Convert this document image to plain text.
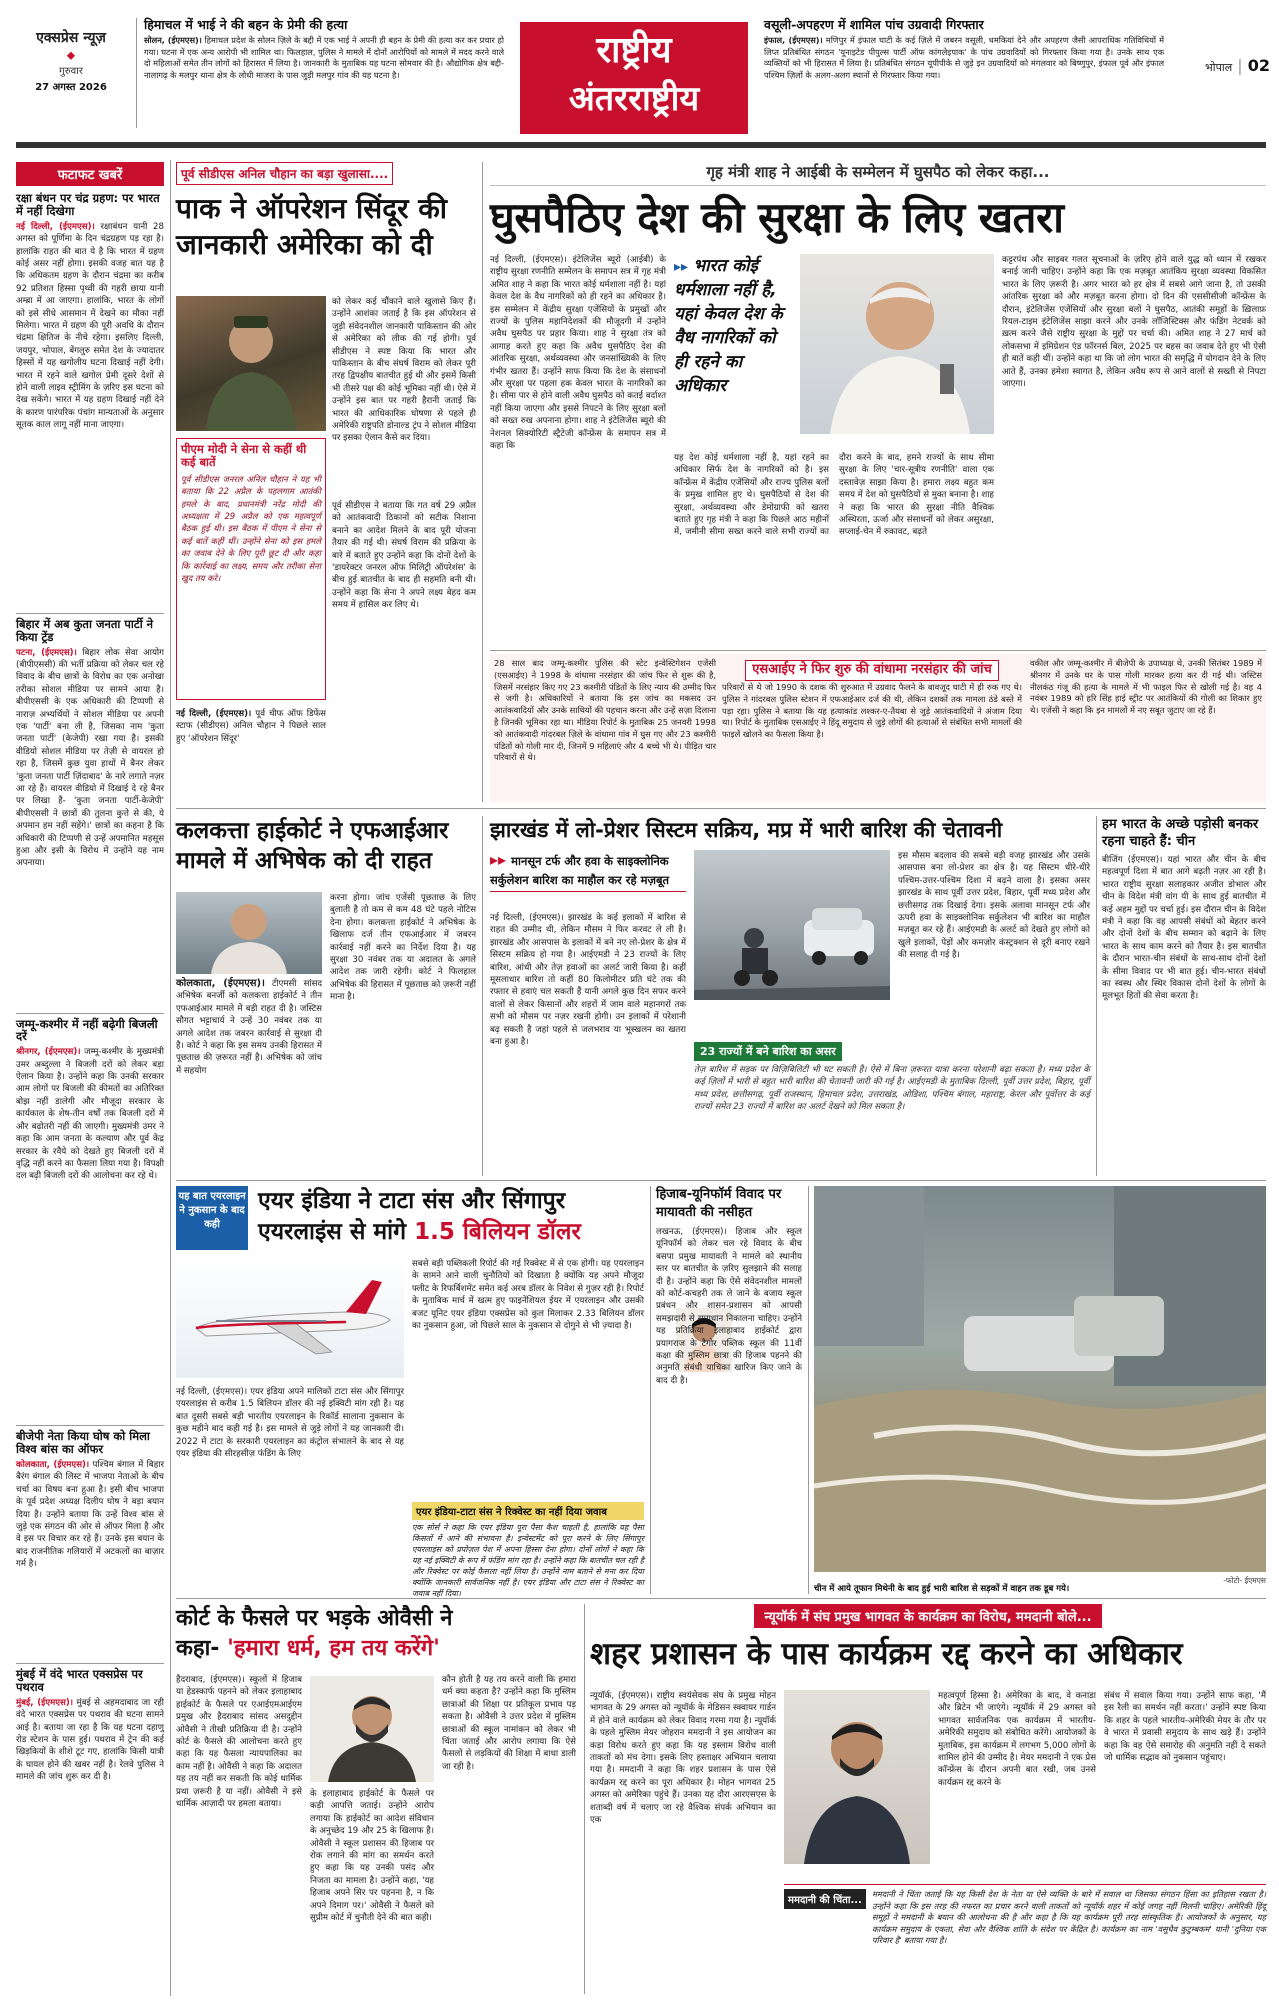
एक्सप्रेस न्यूज़
⬥
गुरुवार
27 अगस्त 2026
हिमाचल में भाई ने की बहन के प्रेमी की हत्या
सोलन, (ईएमएस)। हिमाचल प्रदेश के सोलन ज़िले के बद्दी में एक भाई ने अपनी ही बहन के प्रेमी की हत्या कर कर प्रचार हो गया। घटना में एक अन्य आरोपी भी शामिल था। फिलहाल, पुलिस ने मामले में दोनों आरोपियों को मामले में मदद करने वाले दो महिलाओं समेत तीन लोगों को हिरासत में लिया है। जानकारी के मुताबिक यह घटना सोमवार की है। औद्योगिक क्षेत्र बद्दी-नालागढ़ के मलपुर थाना क्षेत्र के लोधी माजरा के पास जुड़ी मलपुर गांव की यह घटना है।
राष्ट्रीय
अंतरराष्ट्रीय
वसूली-अपहरण में शामिल पांच उग्रवादी गिरफ्तार
इंफाल, (ईएमएस)। मणिपुर में इंफाल घाटी के कई ज़िले में जबरन वसूली, धमकियां देने और अपहरण जैसी आपराधिक गतिविधियों में लिप्त प्रतिबंधित संगठन 'यूनाइटेड पीपुल्स पार्टी ऑफ कांगलेइपाक' के पांच उग्रवादियों को गिरफ्तार किया गया है। उनके साथ एक व्यक्तियों को भी हिरासत में लिया है। प्रतिबंधित संगठन यूपीपीके से जुड़े इन उग्रवादियों को मंगलवार को बिष्णुपुर, इंफाल पूर्व और इंफाल पश्चिम ज़िलों के अलग-अलग स्थानों से गिरफ्तार किया गया।
भोपाल | 02
फटाफट खबरें
रक्षा बंधन पर चंद्र ग्रहण: पर भारत में नहीं दिखेगा
नई दिल्ली, (ईएमएस)। रक्षाबंधन यानी 28 अगस्त को पूर्णिमा के दिन चंद्रग्रहण पड़ रहा है। हालांकि राहत की बात ये है कि भारत में ग्रहण कोई असर नहीं होगा। इसकी वजह बात यह है कि अधिकतम ग्रहण के दौरान चंद्रमा का करीब 92 प्रतिशत हिस्सा पृथ्वी की गहरी छाया यानी अम्ब्रा में आ जाएगा। हालांकि, भारत के लोगों को इसे सीधे आसमान में देखने का मौका नहीं मिलेगा। भारत में ग्रहण की पूरी अवधि के दौरान चंद्रमा क्षितिज के नीचे रहेगा। इसलिए दिल्ली, जयपुर, भोपाल, बेंगलुरु समेत देश के ज्यादातर हिस्सों में यह खगोलीय घटना दिखाई नहीं देगी। भारत में रहने वाले खगोल प्रेमी दूसरे देशों से होने वाली लाइव स्ट्रीमिंग के ज़रिए इस घटना को देख सकेंगे। भारत में यह ग्रहण दिखाई नहीं देने के कारण पारंपरिक पंचांग मान्यताओं के अनुसार सूतक काल लागू नहीं माना जाएगा।
बिहार में अब कुता जनता पार्टी ने किया ट्रेंड
पटना, (ईएमएस)। बिहार लोक सेवा आयोग (बीपीएससी) की भर्ती प्रक्रिया को लेकर चल रहे विवाद के बीच छात्रों के विरोध का एक अनोखा तरीका सोशल मीडिया पर सामने आया है। बीपीएससी के एक अधिकारी की टिप्पणी से नाराज़ अभ्यर्थियों ने सोशल मीडिया पर अपनी एक 'पार्टी' बना ली है, जिसका नाम 'कुता जनता पार्टी' (केजेपी) रखा गया है। इसकी वीडियो सोशल मीडिया पर तेज़ी से वायरल हो रहा है, जिसमें कुछ युवा हाथों में बैनर लेकर 'कुता जनता पार्टी ज़िंदाबाद' के नारे लगाते नज़र आ रहे हैं। वायरल वीडियो में दिखाई दे रहे बैनर पर लिखा है- 'कुता जनता पार्टी-केजेपी' बीपीएससी ने छात्रों की तुलना कुत्ते से की, ये अपमान हम नहीं सहेंगे।' छात्रों का कहना है कि अधिकारी की टिप्पणी से उन्हें अपमानित महसूस हुआ और इसी के विरोध में उन्होंने यह नाम अपनाया।
जम्मू-कश्मीर में नहीं बढ़ेगी बिजली दरें
श्रीनगर, (ईएमएस)। जम्मू-कश्मीर के मुख्यमंत्री उमर अब्दुल्ला ने बिजली दरों को लेकर बड़ा ऐलान किया है। उन्होंने कहा कि उनकी सरकार आम लोगों पर बिजली की कीमतों का अतिरिक्त बोझ नहीं डालेगी और मौजूदा सरकार के कार्यकाल के शेष-तीन वर्षों तक बिजली दरों में और बढ़ोतरी नहीं की जाएगी। मुख्यमंत्री उमर ने कहा कि आम जनता के कल्याण और पूर्व केंद्र सरकार के रवैये को देखते हुए बिजली दरों में वृद्धि नहीं करने का फैसला लिया गया है। विपक्षी दल बढ़ी बिजली दरों की आलोचना कर रहे थे।
बीजेपी नेता किया घोष को मिला विश्व बांस का ऑफर
कोलकाता, (ईएमएस)। पश्चिम बंगाल में बिहार बैरंग बंगाल की लिस्ट में भाजपा नेताओं के बीच चर्चा का विषय बना हुआ है। इसी बीच भाजपा के पूर्व प्रदेश अध्यक्ष दिलीप घोष ने बड़ा बयान दिया है। उन्होंने बताया कि उन्हें विश्व बांस से जुड़े एक संगठन की ओर से ऑफर मिला है और वे इस पर विचार कर रहे हैं। उनके इस बयान के बाद राजनीतिक गलियारों में अटकलों का बाज़ार गर्म है।
मुंबई में वंदे भारत एक्सप्रेस पर पथराव
मुंबई, (ईएमएस)। मुंबई से अहमदाबाद जा रही वंदे भारत एक्सप्रेस पर पथराव की घटना सामने आई है। बताया जा रहा है कि यह घटना दहाणु रोड स्टेशन के पास हुई। पथराव में ट्रेन की कई खिड़कियों के शीशे टूट गए, हालांकि किसी यात्री के घायल होने की खबर नहीं है। रेलवे पुलिस ने मामले की जांच शुरू कर दी है।
पूर्व सीडीएस अनिल चौहान का बड़ा खुलासा....
पाक ने ऑपरेशन सिंदूर की जानकारी अमेरिका को दी
पीएम मोदी ने सेना से कहीं थी कई बातें
पूर्व सीडीएस जनरल अनिल चौहान ने यह भी बताया कि 22 अप्रैल के पहलगाम आतंकी हमले के बाद, प्रधानमंत्री नरेंद्र मोदी की अध्यक्षता में 29 अप्रैल को एक महत्वपूर्ण बैठक हुई थी। इस बैठक में पीएम ने सेना से कई बातें कहीं थीं। उन्होंने सेना को इस हमले का जवाब देने के लिए पूरी छूट दी और कहा कि कार्रवाई का लक्ष्य, समय और तरीका सेना खुद तय करे।
नई दिल्ली, (ईएमएस)। पूर्व चीफ ऑफ डिफेंस स्टाफ (सीडीएस) अनिल चौहान ने पिछले साल हुए 'ऑपरेशन सिंदूर'
को लेकर कई चौंकाने वाले खुलासे किए हैं। उन्होंने आशंका जताई है कि इस ऑपरेशन से जुड़ी संवेदनशील जानकारी पाकिस्तान की ओर से अमेरिका को लीक की गई होगी। पूर्व सीडीएस ने स्पष्ट किया कि भारत और पाकिस्तान के बीच संघर्ष विराम को लेकर पूरी तरह द्विपक्षीय बातचीत हुई थी और इसमें किसी भी तीसरे पक्ष की कोई भूमिका नहीं थी। ऐसे में उन्होंने इस बात पर गहरी हैरानी जताई कि भारत की आधिकारिक घोषणा से पहले ही अमेरिकी राष्ट्रपति डोनाल्ड ट्रंप ने सोशल मीडिया पर इसका ऐलान कैसे कर दिया।
पूर्व सीडीएस ने बताया कि गत वर्ष 29 अप्रैल को आतंकवादी ठिकानों को सटीक निशाना बनाने का आदेश मिलने के बाद पूरी योजना तैयार की गई थी। संघर्ष विराम की प्रक्रिया के बारे में बताते हुए उन्होंने कहा कि दोनों देशों के 'डायरेक्टर जनरल ऑफ मिलिट्री ऑपरेशंस' के बीच हुई बातचीत के बाद ही सहमति बनी थी। उन्होंने कहा कि सेना ने अपने लक्ष्य बेहद कम समय में हासिल कर लिए थे।
गृह मंत्री शाह ने आईबी के सम्मेलन में घुसपैठ को लेकर कहा...
घुसपैठिए देश की सुरक्षा के लिए खतरा
नई दिल्ली, (ईएमएस)। इंटेलिजेंस ब्यूरो (आईबी) के राष्ट्रीय सुरक्षा रणनीति सम्मेलन के समापन सत्र में गृह मंत्री अमित शाह ने कहा कि भारत कोई धर्मशाला नहीं है। यहां केवल देश के वैध नागरिकों को ही रहने का अधिकार है। इस सम्मेलन में केंद्रीय सुरक्षा एजेंसियों के प्रमुखों और राज्यों के पुलिस महानिदेशकों की मौजूदगी में उन्होंने अवैध घुसपैठ पर प्रहार किया। शाह ने सुरक्षा तंत्र को आगाह करते हुए कहा कि अवैध घुसपैठिए देश की आंतरिक सुरक्षा, अर्थव्यवस्था और जनसांख्यिकी के लिए गंभीर खतरा हैं। उन्होंने साफ किया कि देश के संसाधनों और सुरक्षा पर पहला हक केवल भारत के नागरिकों का है। सीमा पार से होने वाली अवैध घुसपैठ को कतई बर्दाश्त नहीं किया जाएगा और इससे निपटने के लिए सुरक्षा बलों को सख्त रुख अपनाना होगा। शाह ने इंटेलिजेंस ब्यूरो की नेशनल सिक्योरिटी स्ट्रैटेजी कॉन्फ्रेंस के समापन सत्र में कहा कि
▸▸ भारत कोई धर्मशाला नहीं है, यहां केवल देश के वैध नागरिकों को ही रहने का अधिकार
यह देश कोई धर्मशाला नहीं है, यहां रहने का अधिकार सिर्फ देश के नागरिकों को है। इस कॉन्फ्रेंस में केंद्रीय एजेंसियों और राज्य पुलिस बलों के प्रमुख शामिल हुए थे। घुसपैठियों से देश की सुरक्षा, अर्थव्यवस्था और डेमोग्राफी को खतरा बताते हुए गृह मंत्री ने कहा कि पिछले आठ महीनों में, जमीनी सीमा सख्त करने वाले सभी राज्यों का दौरा करने के बाद, हमने राज्यों के साथ सीमा सुरक्षा के लिए 'चार-सूत्रीय रणनीति' वाला एक दस्तावेज़ साझा किया है। हमारा लक्ष्य बहुत कम समय में देश को घुसपैठियों से मुक्त बनाना है। शाह ने कहा कि भारत की सुरक्षा नीति वैश्विक अस्थिरता, ऊर्जा और संसाधनों को लेकर असुरक्षा, सप्लाई-चेन में रुकावट, बढ़ते
कट्टरपंथ और साइबर गलत सूचनाओं के ज़रिए होने वाले युद्ध को ध्यान में रखकर बनाई जानी चाहिए। उन्होंने कहा कि एक मज़बूत आतंकिय सुरक्षा व्यवस्था विकसित भारत के लिए ज़रूरी है। अगर भारत को हर क्षेत्र में सबसे आगे जाना है, तो उसकी आंतरिक सुरक्षा को और मज़बूत करना होगा। दो दिन की एससीसीजी कॉन्फ्रेंस के दौरान, इंटेलिजेंस एजेंसियों और सुरक्षा बलों ने घुसपैठ, आतंकी समूहों के ख़िलाफ़ रियल-टाइम इंटेलिजेंस साझा करने और उनके लॉजिस्टिक्स और फंडिंग नेटवर्क को ख़त्म करने जैसे राष्ट्रीय सुरक्षा के मुद्दों पर चर्चा की। अमित शाह ने 27 मार्च को लोकसभा में इमिग्रेशन एंड फॉरनर्स बिल, 2025 पर बहस का जवाब देते हुए भी ऐसी ही बातें कही थीं। उन्होंने कहा था कि जो लोग भारत की समृद्धि में योगदान देने के लिए आते हैं, उनका हमेशा स्वागत है, लेकिन अवैध रूप से आने वालों से सख्ती से निपटा जाएगा।
28 साल बाद जम्मू-कश्मीर पुलिस की स्टेट इन्वेस्टिगेशन एजेंसी (एसआईए) ने 1998 के वांधामा नरसंहार की जांच फिर से शुरू की है, जिसमें नरसंहार किए गए 23 कश्मीरी पंडितों के लिए न्याय की उम्मीद फिर से जगी है। अधिकारियों ने बताया कि इस जांच का मकसद उन आतंकवादियों और उनके साथियों की पहचान करना और उन्हें सज़ा दिलाना है जिनकी भूमिका रहा था। मीडिया रिपोर्ट के मुताबिक 25 जनवरी 1998 को आतंकवादी गांदरबल ज़िले के वांधामा गांव में घुस गए और 23 कश्मीरी पंडितों को गोली मार दी, जिनमें 9 महिलाएं और 4 बच्चे भी थे। पीड़ित चार परिवारों से थे।
एसआईए ने फिर शुरु की वांधामा नरसंहार की जांच
परिवारों से थे जो 1990 के दशक की शुरुआत में उग्रवाद फैलने के बावजूद घाटी में ही रुक गए थे। पुलिस ने गांदरबल पुलिस स्टेशन में एफआईआर दर्ज की थी, लेकिन दशकों तक मामला ठंडे बस्ते में पड़ा रहा। पुलिस ने बताया कि यह हत्याकांड लश्कर-ए-तैयबा से जुड़े आतंकवादियों ने अंजाम दिया था। रिपोर्ट के मुताबिक एसआईए ने हिंदू समुदाय से जुड़े लोगों की हत्याओं से संबंधित सभी मामलों की फाइलें खोलने का फैसला किया है।
वकील और जम्मू-कश्मीर में बीजेपी के उपाध्यक्ष थे, उनकी सितंबर 1989 में श्रीनगर में उनके घर के पास गोली मारकर हत्या कर दी गई थी। जस्टिस नीलकंठ गंजू की हत्या के मामले में भी फाइल फिर से खोली गई है। वह 4 नवंबर 1989 को हरि सिंह हाई स्ट्रीट पर आतंकियों की गोली का शिकार हुए थे। एजेंसी ने कहा कि इन मामलों में नए सबूत जुटाए जा रहे हैं।
कलकत्ता हाईकोर्ट ने एफआईआर मामले में अभिषेक को दी राहत
कोलकाता, (ईएमएस)। टीएमसी सांसद अभिषेक बनर्जी को कलकत्ता हाईकोर्ट ने तीन एफआईआर मामले में बड़ी राहत दी है। जस्टिस सौगत भट्टाचार्य ने उन्हें 30 नवंबर तक या अगले आदेश तक जबरन कार्रवाई से सुरक्षा दी है। कोर्ट ने कहा कि इस समय उनकी हिरासत में पूछताछ की ज़रूरत नहीं है। अभिषेक को जांच में सहयोग
करना होगा। जांच एजेंसी पूछताछ के लिए बुलाती है तो कम से कम 48 घंटे पहले नोटिस देना होगा। कलकत्ता हाईकोर्ट ने अभिषेक के खिलाफ दर्ज तीन एफआईआर में जबरन कार्रवाई नहीं करने का निर्देश दिया है। यह सुरक्षा 30 नवंबर तक या अदालत के अगले आदेश तक जारी रहेगी। कोर्ट ने फिलहाल अभिषेक की हिरासत में पूछताछ को ज़रूरी नहीं माना है।
झारखंड में लो-प्रेशर सिस्टम सक्रिय, मप्र में भारी बारिश की चेतावनी
▸▸ मानसून टर्फ और हवा के साइक्लोनिक सर्कुलेशन बारिश का माहौल कर रहे मज़बूत
नई दिल्ली, (ईएमएस)। झारखंड के कई इलाकों में बारिश से राहत की उम्मीद थी, लेकिन मौसम ने फिर करवट ले ली है। झारखंड और आसपास के इलाकों में बने नए लो-प्रेशर के क्षेत्र में सिस्टम सक्रिय हो गया है। आईएमडी ने 23 राज्यों के लिए बारिश, आंधी और तेज़ हवाओं का अलर्ट जारी किया है। कहीं मूसलाधार बारिश तो कहीं 80 किलोमीटर प्रति घंटे तक की रफ्तार से हवाएं चल सकती हैं यानी अगले कुछ दिन सफर करने वालों से लेकर किसानों और शहरों में जाम वाले महानगरों तक सभी को मौसम पर नज़र रखनी होगी। उन इलाकों में परेशानी बढ़ सकती है जहां पहले से जलभराव या भूस्खलन का खतरा बना हुआ है।
इस मौसम बदलाव की सबसे बड़ी वजह झारखंड और उसके आसपास बना लो-प्रेशर का क्षेत्र है। यह सिस्टम धीरे-धीरे पश्चिम-उत्तर-पश्चिम दिशा में बढ़ने वाला है। इसका असर झारखंड के साथ पूर्वी उत्तर प्रदेश, बिहार, पूर्वी मध्य प्रदेश और छत्तीसगढ़ तक दिखाई देगा। इसके अलावा मानसून टर्फ और ऊपरी हवा के साइक्लोनिक सर्कुलेशन भी बारिश का माहौल मज़बूत कर रहे हैं। आईएमडी के अलर्ट को देखते हुए लोगों को खुले इलाकों, पेड़ों और कमज़ोर कंस्ट्रक्शन से दूरी बनाए रखने की सलाह दी गई है।
23 राज्यों में बने बारिश का असर
तेज़ बारिश में सड़क पर विज़िबिलिटी भी घट सकती है। ऐसे में बिना ज़रूरत यात्रा करना परेशानी बढ़ा सकता है। मध्य प्रदेश के कई ज़िलों में भारी से बहुत भारी बारिश की चेतावनी जारी की गई है। आईएमडी के मुताबिक दिल्ली, पूर्वी उत्तर प्रदेश, बिहार, पूर्वी मध्य प्रदेश, छत्तीसगढ़, पूर्वी राजस्थान, हिमाचल प्रदेश, उत्तराखंड, ओडिशा, पश्चिम बंगाल, महाराष्ट्र, केरल और पूर्वोत्तर के कई राज्यों समेत 23 राज्यों में बारिश का अलर्ट देखने को मिल सकता है।
हम भारत के अच्छे पड़ोसी बनकर रहना चाहते हैं: चीन
बीजिंग (ईएमएस)। यहां भारत और चीन के बीच महत्वपूर्ण दिशा में बात आगे बढ़ती नज़र आ रही है। भारत राष्ट्रीय सुरक्षा सलाहकार अजीत डोभाल और चीन के विदेश मंत्री वांग यी के साथ हुई बातचीत में कई अहम मुद्दों पर चर्चा हुई। इस दौरान चीन के विदेश मंत्री ने कहा कि वह आपसी संबंधों को बेहतर करने और दोनों देशों के बीच सम्मान को बढ़ाने के लिए भारत के साथ काम करने को तैयार है। इस बातचीत के दौरान भारत-चीन संबंधों के साथ-साथ दोनों देशों के सीमा विवाद पर भी बात हुई। चीन-भारत संबंधों का स्वस्थ और स्थिर विकास दोनों देशों के लोगों के मूलभूत हितों की सेवा करता है।
यह बात एयरलाइन ने नुकसान के बाद कही
एयर इंडिया ने टाटा संस और सिंगापुर
एयरलाइंस से मांगे 1.5 बिलियन डॉलर
नई दिल्ली, (ईएमएस)। एयर इंडिया अपने मालिकों टाटा संस और सिंगापुर एयरलाइंस से करीब 1.5 बिलियन डॉलर की नई इक्विटी मांग रही है। यह बात दूसरी सबसे बड़ी भारतीय एयरलाइन के रिकॉर्ड सालाना नुकसान के कुछ महीने बाद कही गई है। इस मामले से जुड़े लोगों ने यह जानकारी दी। 2022 में टाटा के सरकारी एयरलाइन का कंट्रोल संभालने के बाद से यह एयर इंडिया की सीरहसीज़ फंडिंग के लिए
सबसे बड़ी पब्लिकली रिपोर्ट की गई रिक्वेस्ट में से एक होगी। यह एयरलाइन के सामने आने वाली चुनौतियों को दिखाता है क्योंकि यह अपने मौजूदा फ्लीट के रिफर्बिशमेंट समेत कई अरब डॉलर के निवेश से गुज़र रही है। रिपोर्ट के मुताबिक मार्च में खत्म हुए फाइनेंशियल ईयर में एयरलाइन और उसकी बजट यूनिट एयर इंडिया एक्सप्रेस को कुल मिलाकर 2.33 बिलियन डॉलर का नुकसान हुआ, जो पिछले साल के नुकसान से दोगुने से भी ज़्यादा है।
एयर इंडिया-टाटा संस ने रिक्वेस्ट का नहीं दिया जवाब
एक सोर्स ने कहा कि एयर इंडिया पूरा पैसा कैश चाहती है, हालांकि यह पैसा किसतों में आने की संभावना है। इन्वेस्टमेंट को पूरा करने के लिए सिंगापुर एयरलाइंस को प्रपोज़ल पेश में अपना हिस्सा देना होगा। दोनों लोगों ने कहा कि यह नई इक्विटी के रूप में फंडिंग मांग रहा है। उन्होंने कहा कि बातचीत चल रही है और रिक्वेस्ट पर कोई फैसला नहीं लिया है। उन्होंने नाम बताने से मना कर दिया क्योंकि जानकारी सार्वजनिक नहीं है। एयर इंडिया और टाटा संस ने रिक्वेस्ट का जवाब नहीं दिया।
हिजाब-यूनिफॉर्म विवाद पर मायावती की नसीहत
लखनऊ, (ईएमएस)। हिजाब और स्कूल यूनिफॉर्म को लेकर चल रहे विवाद के बीच बसपा प्रमुख मायावती ने मामले को स्थानीय स्तर पर बातचीत के ज़रिए सुलझाने की सलाह दी है। उन्होंने कहा कि ऐसे संवेदनशील मामलों को कोर्ट-कचहरी तक ले जाने के बजाय स्कूल प्रबंधन और शासन-प्रशासन को आपसी समझदारी से समाधान निकालना चाहिए। उन्होंने यह प्रतिक्रिया इलाहाबाद हाईकोर्ट द्वारा प्रयागराज के टैगोर पब्लिक स्कूल की 11वीं कक्षा की मुस्लिम छात्रा की हिजाब पहनने की अनुमति संबंधी याचिका खारिज किए जाने के बाद दी है।
चीन में आये तूफान मिथेनी के बाद हुई भारी बारिश से सड़कों में वाहन तक डूब गये।
-फोटो- ईएमएस
कोर्ट के फैसले पर भड़के ओवैसी ने
कहा- 'हमारा धर्म, हम तय करेंगे'
हैदराबाद, (ईएमएस)। स्कूलों में हिजाब या हेडस्कार्फ पहनने को लेकर इलाहाबाद हाईकोर्ट के फैसले पर एआईएमआईएम प्रमुख और हैदराबाद सांसद असदुद्दीन ओवैसी ने तीखी प्रतिक्रिया दी है। उन्होंने कोर्ट के फैसले की आलोचना करते हुए कहा कि यह फैसला न्यायपालिका का काम नहीं है। ओवैसी ने कहा कि अदालत यह तय नहीं कर सकती कि कोई धार्मिक प्रथा ज़रूरी है या नहीं। ओवैसी ने इसे धार्मिक आज़ादी पर हमला बताया।
के इलाहाबाद हाईकोर्ट के फैसले पर कड़ी आपत्ति जताई। उन्होंने आरोप लगाया कि हाईकोर्ट का आदेश संविधान के अनुच्छेद 19 और 25 के खिलाफ है। ओवैसी ने स्कूल प्रशासन की हिजाब पर रोक लगाने की मांग का समर्थन करते हुए कहा कि यह उनकी पसंद और निजता का मामला है। उन्होंने कहा, 'यह हिजाब अपने सिर पर पहनना है, न कि अपने दिमाग पर।' ओवैसी ने फैसले को सुप्रीम कोर्ट में चुनौती देने की बात कही।
कौन होती है यह तय करने वाली कि हमारा धर्म क्या कहता है? उन्होंने कहा कि मुस्लिम छात्राओं की शिक्षा पर प्रतिकूल प्रभाव पड़ सकता है। ओवैसी ने उत्तर प्रदेश में मुस्लिम छात्राओं की स्कूल नामांकन को लेकर भी चिंता जताई और आरोप लगाया कि ऐसे फैसलों से लड़कियों की शिक्षा में बाधा डाली जा रही है।
न्यूयॉर्क में संघ प्रमुख भागवत के कार्यक्रम का विरोध, ममदानी बोले...
शहर प्रशासन के पास कार्यक्रम रद्द करने का अधिकार
न्यूयॉर्क, (ईएमएस)। राष्ट्रीय स्वयंसेवक संघ के प्रमुख मोहन भागवत के 29 अगस्त को न्यूयॉर्क के मेडिसन स्क्वायर गार्डन में होने वाले कार्यक्रम को लेकर विवाद गरमा गया है। न्यूयॉर्क के पहले मुस्लिम मेयर जोहरान ममदानी ने इस आयोजन का कड़ा विरोध करते हुए कहा कि यह इस्लाम विरोध वाली ताकतों को मंच देगा। इसके लिए हस्ताक्षर अभियान चलाया गया है। ममदानी ने कहा कि शहर प्रशासन के पास ऐसे कार्यक्रम रद्द करने का पूरा अधिकार है। मोहन भागवत 25 अगस्त को अमेरिका पहुंचे हैं। उनका यह दौरा आरएसएस के शताब्दी वर्ष में चलाए जा रहे वैश्विक संपर्क अभियान का एक
महत्वपूर्ण हिस्सा है। अमेरिका के बाद, वे कनाडा और ब्रिटेन भी जाएंगे। न्यूयॉर्क में 29 अगस्त को भागवत सार्वजनिक एक कार्यक्रम में भारतीय-अमेरिकी समुदाय को संबोधित करेंगे। आयोजकों के मुताबिक, इस कार्यक्रम में लगभग 5,000 लोगों के शामिल होने की उम्मीद है। मेयर ममदानी ने एक प्रेस कॉन्फ्रेंस के दौरान अपनी बात रखी, जब उनसे कार्यक्रम रद्द करने के
संबंध में सवाल किया गया। उन्होंने साफ कहा, 'मैं इस रैली का समर्थन नहीं करता।' उन्होंने स्पष्ट किया कि शहर के पहले भारतीय-अमेरिकी मेयर के तौर पर वे भारत में प्रवासी समुदाय के साथ खड़े हैं। उन्होंने कहा कि वह ऐसे समारोह की अनुमति नहीं दे सकते जो धार्मिक सद्भाव को नुकसान पहुंचाए।
ममदानी की चिंता...
ममदानी ने चिंता जताई कि यह किसी देश के नेता या ऐसे व्यक्ति के बारे में सवाल था जिसका संगठन हिंसा का इतिहास रखता है। उन्होंने कहा कि इस तरह की नफरत का प्रचार करने वाली ताकतों को न्यूयॉर्क शहर में कोई जगह नहीं मिलनी चाहिए। अमेरिकी हिंदू समूहों ने ममदानी के बयान की आलोचना की है और कहा है कि यह कार्यक्रम पूरी तरह सांस्कृतिक है। आयोजकों के अनुसार, यह कार्यक्रम समुदाय के एकता, सेवा और वैश्विक शांति के संदेश पर केंद्रित है। कार्यक्रम का नाम 'वसुधैव कुटुम्बकम' यानी 'दुनिया एक परिवार है' बताया गया है।
